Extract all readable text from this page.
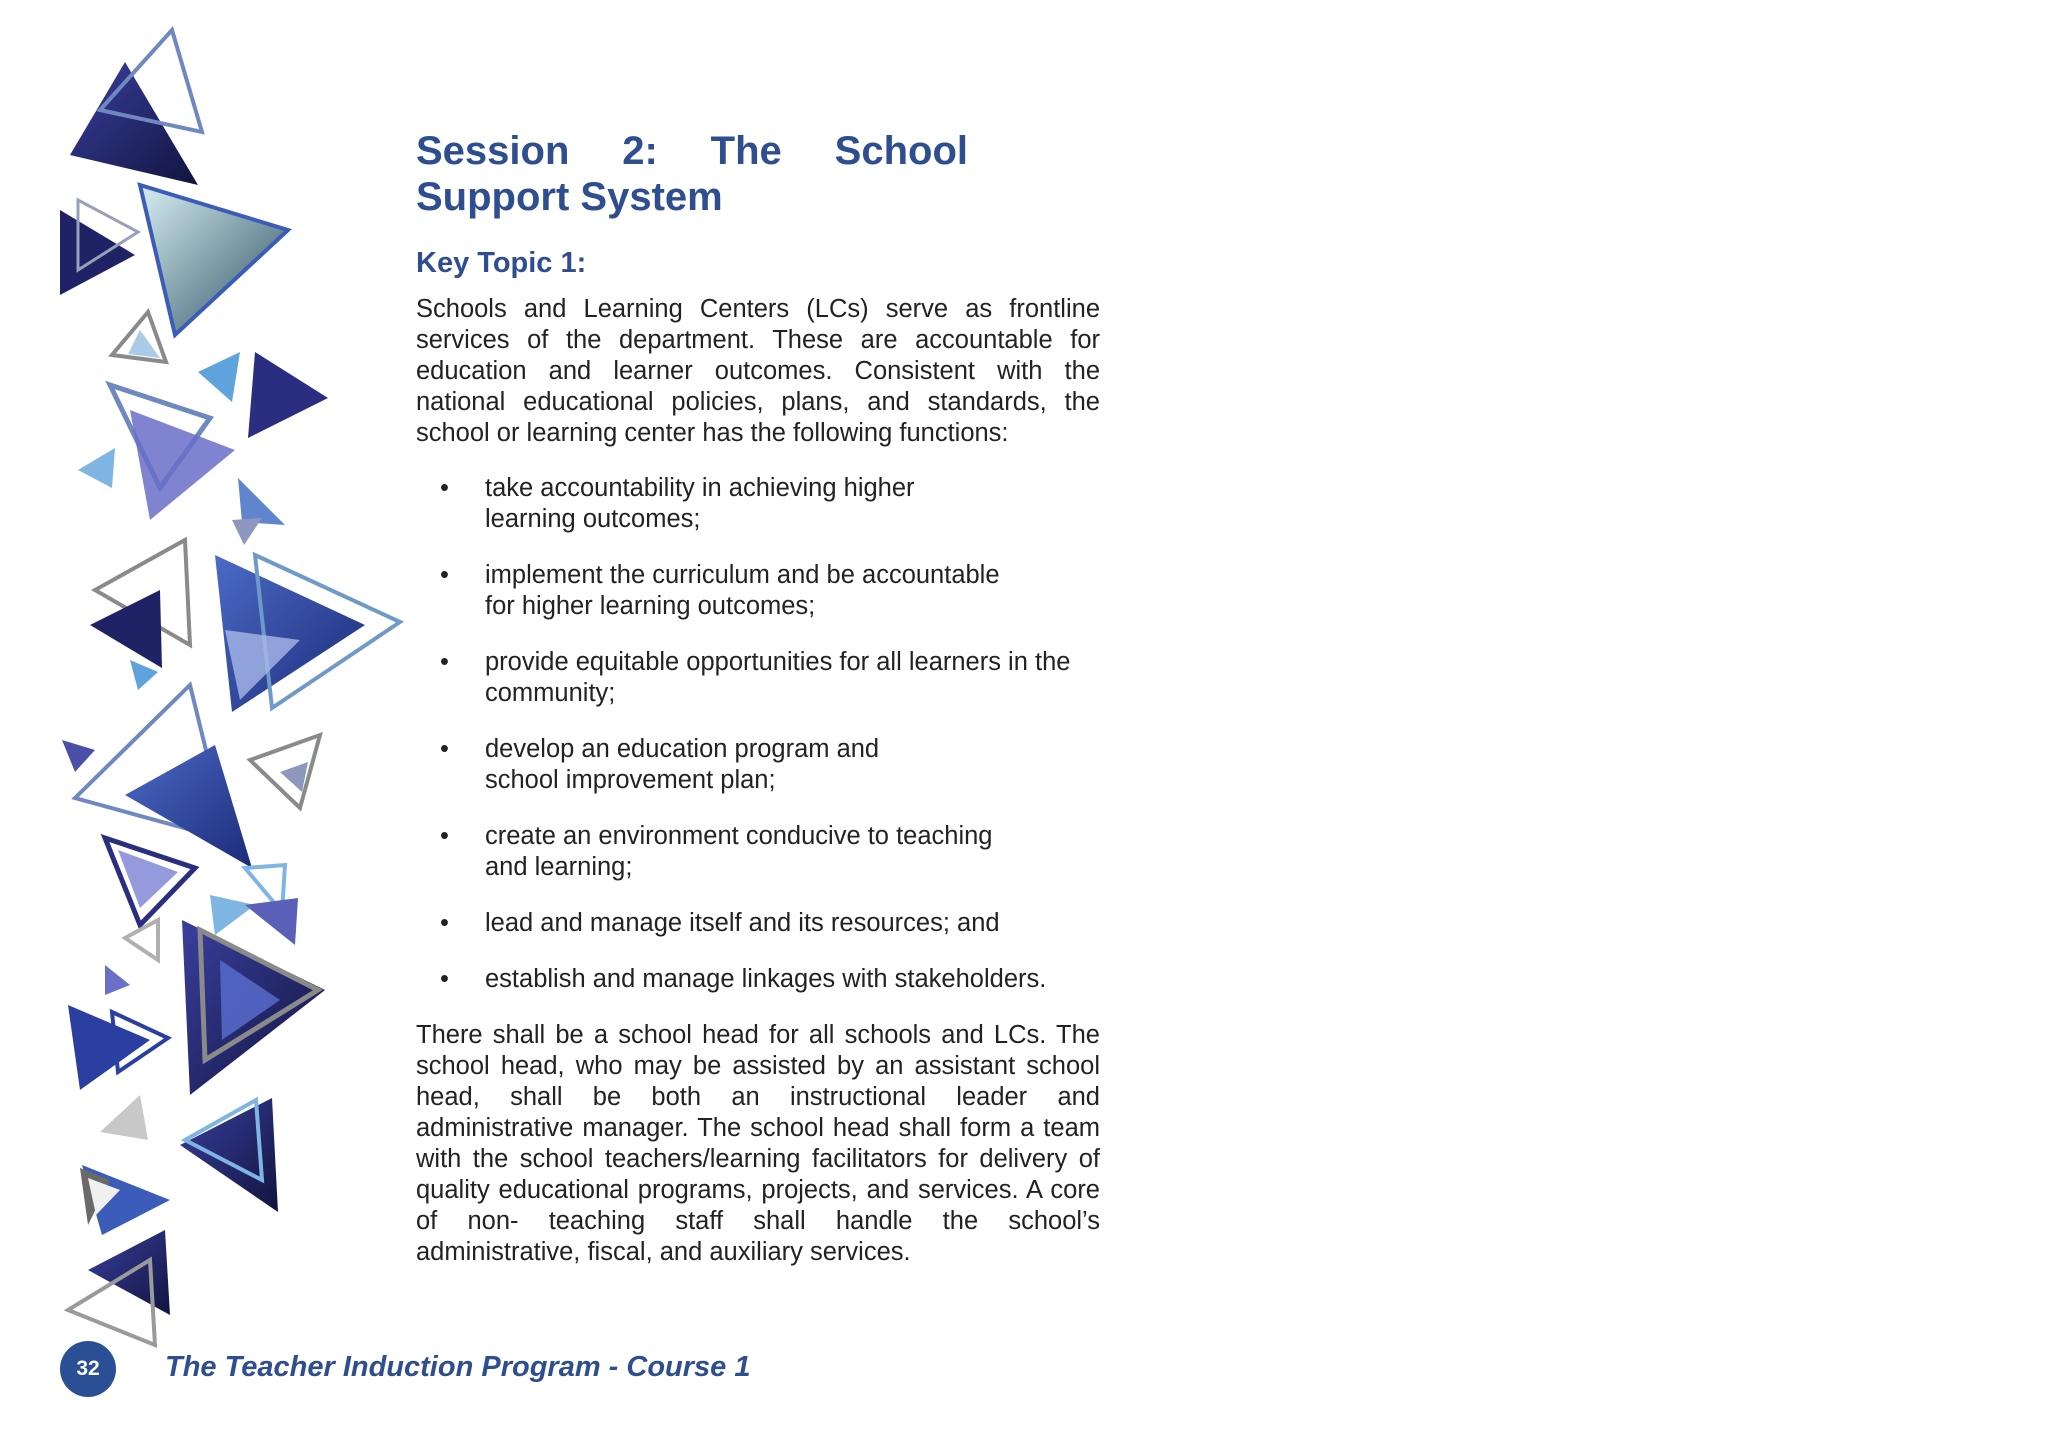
Session 2: The School Support System
Key Topic 1:

Schools and Learning Centers (LCs) serve as frontline services of the department. These are accountable for education and learner outcomes. Consistent with the national educational policies, plans, and standards, the school or learning center has the following functions:

• take accountability in achieving higher
learning outcomes;
• implement the curriculum and be accountable
for higher learning outcomes;
• provide equitable opportunities for all learners in the
community;
• develop an education program and
school improvement plan;
• create an environment conducive to teaching
and learning;
• lead and manage itself and its resources; and
• establish and manage linkages with stakeholders.

There shall be a school head for all schools and LCs. The school head, who may be assisted by an assistant school head, shall be both an instructional leader and administrative manager. The school head shall form a team with the school teachers/learning facilitators for delivery of quality educational programs, projects, and services. A core of non- teaching staff shall handle the school’s administrative, fiscal, and auxiliary services.

32	The Teacher Induction Program - Course 1
